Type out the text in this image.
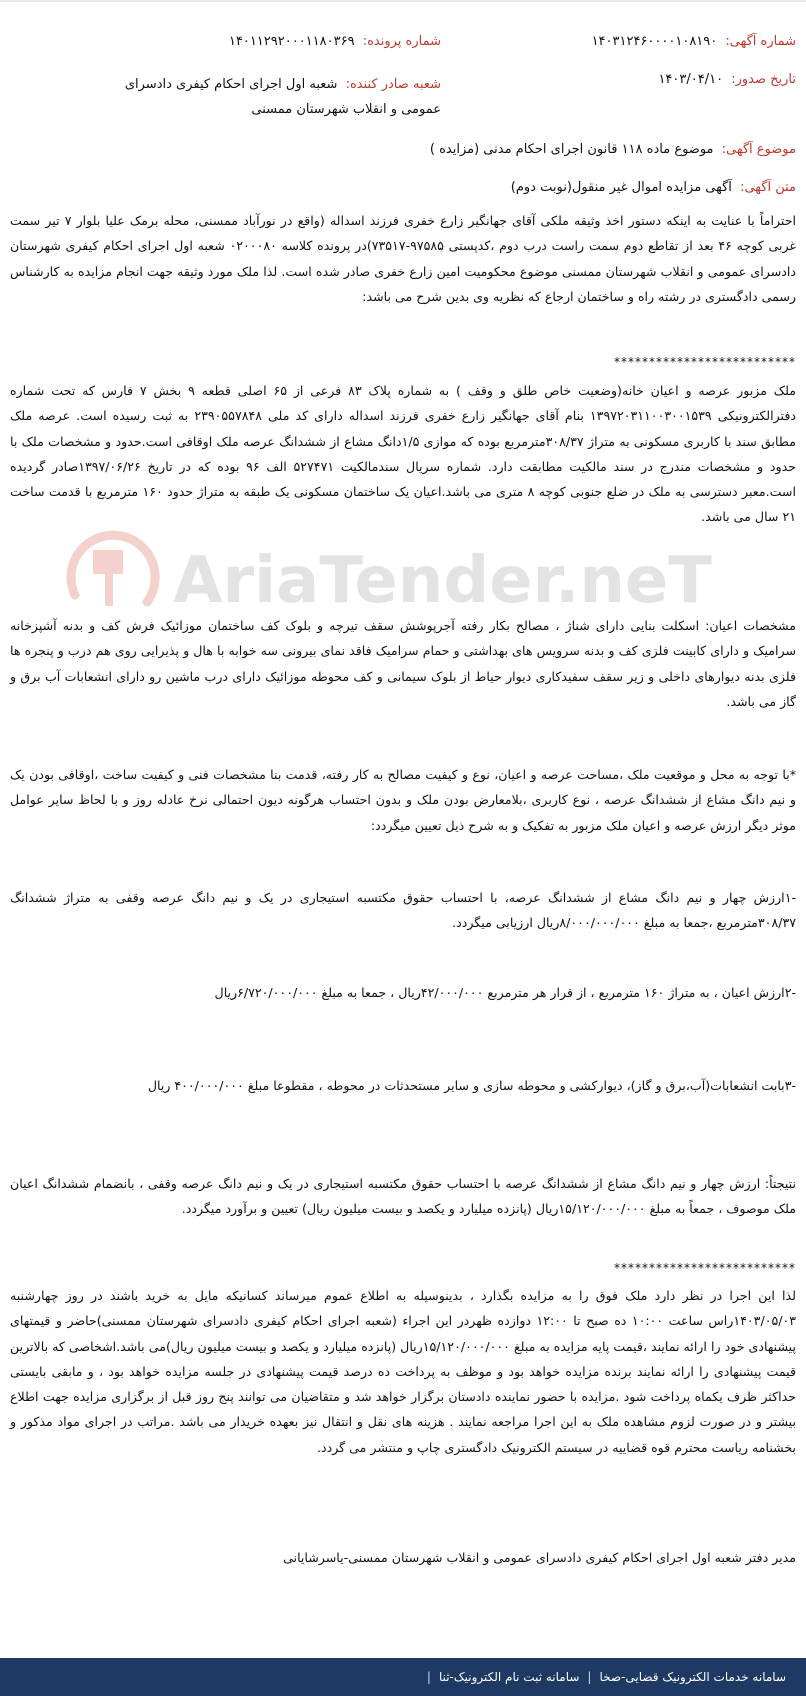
شماره آگهی: ۱۴۰۳۱۲۴۶۰۰۰۰۱۰۸۱۹۰
شماره پرونده: ۱۴۰۱۱۲۹۲۰۰۰۱۱۸۰۳۶۹
تاریخ صدور: ۱۴۰۳/۰۴/۱۰
شعبه صادر کننده: شعبه اول اجرای احکام کیفری دادسرای عمومی و انقلاب شهرستان ممسنی
موضوع آگهی: موضوع ماده ۱۱۸ قانون اجرای احکام مدنی (مزایده )
متن آگهی: آگهی مزایده اموال غیر منقول(نوبت دوم)
AriaTender.neT
احتراماً با عنایت به اینکه دستور اخذ وثیقه ملکی آقای جهانگیر زارع خفری فرزند اسداله (واقع در نورآباد ممسنی، محله برمک علیا بلوار ۷ تیر سمت غربی کوچه ۴۶ بعد از تقاطع دوم سمت راست درب دوم ،کدپستی ۹۷۵۸۵-۷۳۵۱۷)در پرونده کلاسه ۰۲۰۰۰۸۰ شعبه اول اجرای احکام کیفری شهرستان دادسرای عمومی و انقلاب شهرستان ممسنی موضوع محکومیت امین زارع خفری صادر شده است. لذا ملک مورد وثیقه جهت انجام مزایده به کارشناس رسمی دادگستری در رشته راه و ساختمان ارجاع که نظریه وی بدین شرح می باشد:
**************************
ملک مزبور عرصه و اعیان خانه(وضعیت خاص طلق و وقف ) به شماره پلاک ۸۳ فرعی از ۶۵ اصلی قطعه ۹ بخش ۷ فارس که تحت شماره دفترالکترونیکی ۱۳۹۷۲۰۳۱۱۰۰۳۰۰۱۵۳۹ بنام آقای جهانگیر زارع خفری فرزند اسداله دارای کد ملی ۲۳۹۰۵۵۷۸۴۸ به ثبت رسیده است. عرصه ملک مطابق سند با کاربری مسکونی به متراژ ۳۰۸/۳۷مترمربع بوده که موازی ۱/۵دانگ مشاع از ششدانگ عرصه ملک اوقافی است.حدود و مشخصات ملک با حدود و مشخصات مندرج در سند مالکیت مطابقت دارد. شماره سریال سندمالکیت ۵۲۷۴۷۱ الف ۹۶ بوده که در تاریخ ۱۳۹۷/۰۶/۲۶صادر گردیده است.معبر دسترسی به ملک در ضلع جنوبی کوچه ۸ متری می باشد.اعیان یک ساختمان مسکونی یک طبقه به متراژ حدود ۱۶۰ مترمربع با قدمت ساخت ۲۱ سال می باشد.
مشخصات اعیان: اسکلت بنایی دارای شناژ ، مصالح بکار رفته آجرپوشش سقف تیرچه و بلوک کف ساختمان موزائیک فرش کف و بدنه آشپزخانه سرامیک و دارای کابینت فلزی کف و بدنه سرویس های بهداشتی و حمام سرامیک فاقد نمای بیرونی سه خوابه با هال و پذیرایی روی هم درب و پنجره ها فلزی بدنه دیوارهای داخلی و زیر سقف سفیدکاری دیوار حیاط از بلوک سیمانی و کف محوطه موزائیک دارای درب ماشین رو دارای انشعابات آب برق و گاز می باشد.
*با توجه به محل و موقعیت ملک ،مساحت عرصه و اعیان، نوع و کیفیت مصالح به کار رفته، قدمت بنا مشخصات فنی و کیفیت ساخت ،اوقافی بودن یک و نیم دانگ مشاع از ششدانگ عرصه ، نوع کاربری ،بلامعارض بودن ملک و بدون احتساب هرگونه دیون احتمالی نرخ عادله روز و با لحاظ سایر عوامل موثر دیگر ارزش عرصه و اعیان ملک مزبور به تفکیک و به شرح ذیل تعیین میگردد:
-۱ارزش چهار و نیم دانگ مشاع از ششدانگ عرصه، با احتساب حقوق مکتسبه استیجاری در یک و نیم دانگ عرصه وقفی به متراژ ششدانگ ۳۰۸/۳۷مترمربع ،جمعا به مبلغ ۸/۰۰۰/۰۰۰/۰۰۰ریال ارزیابی میگردد.
-۲ارزش اعیان ، به متراژ ۱۶۰ مترمربع ، از قرار هر مترمربع ۴۲/۰۰۰/۰۰۰ریال ، جمعا به مبلغ ۶/۷۲۰/۰۰۰/۰۰۰ریال
-۳بابت انشعابات(آب،برق و گاز)، دیوارکشی و محوطه سازی و سایر مستحدثات در محوطه ، مقطوعا مبلغ ۴۰۰/۰۰۰/۰۰۰ ریال
نتیجتاً: ارزش چهار و نیم دانگ مشاع از ششدانگ عرصه با احتساب حقوق مکتسبه استیجاری در یک و نیم دانگ عرصه وقفی ، بانضمام ششدانگ اعیان ملک موصوف ، جمعاً به مبلغ ۱۵/۱۲۰/۰۰۰/۰۰۰ریال (پانزده میلیارد و یکصد و بیست میلیون ریال) تعیین و برآورد میگردد.
**************************
لذا این اجرا در نظر دارد ملک فوق را به مزایده بگذارد ، بدینوسیله به اطلاع عموم میرساند کسانیکه مایل به خرید باشند در روز چهارشنبه ۱۴۰۳/۰۵/۰۳راس ساعت ۱۰:۰۰ ده صبح تا ۱۲:۰۰ دوازده ظهردر این اجراء (شعبه اجرای احکام کیفری دادسرای شهرستان ممسنی)حاضر و قیمتهای پیشنهادی خود را ارائه نمایند ،قیمت پایه مزایده به مبلغ ۱۵/۱۲۰/۰۰۰/۰۰۰ریال (پانزده میلیارد و یکصد و بیست میلیون ریال)می باشد.اشخاصی که بالاترین قیمت پیشنهادی را ارائه نمایند برنده مزایده خواهد بود و موظف به پرداخت ده درصد قیمت پیشنهادی در جلسه مزایده خواهد بود ، و مابقی بایستی حداکثر ظرف یکماه پرداخت شود .مزایده با حضور نماینده دادستان برگزار خواهد شد و متقاضیان می توانند پنج روز قبل از برگزاری مزایده جهت اطلاع بیشتر و در صورت لزوم مشاهده ملک به این اجرا مراجعه نمایند . هزینه های نقل و انتقال نیز بعهده خریدار می باشد .مراتب در اجرای مواد مذکور و بخشنامه ریاست محترم قوه قضاییه در سیستم الکترونیک دادگستری چاپ و منتشر می گردد.
مدیر دفتر شعبه اول اجرای احکام کیفری دادسرای عمومی و انقلاب شهرستان ممسنی-یاسرشایانی
سامانه خدمات الکترونیک قضایی-صخا
|
سامانه ثبت نام الکترونیک-ثنا
|
